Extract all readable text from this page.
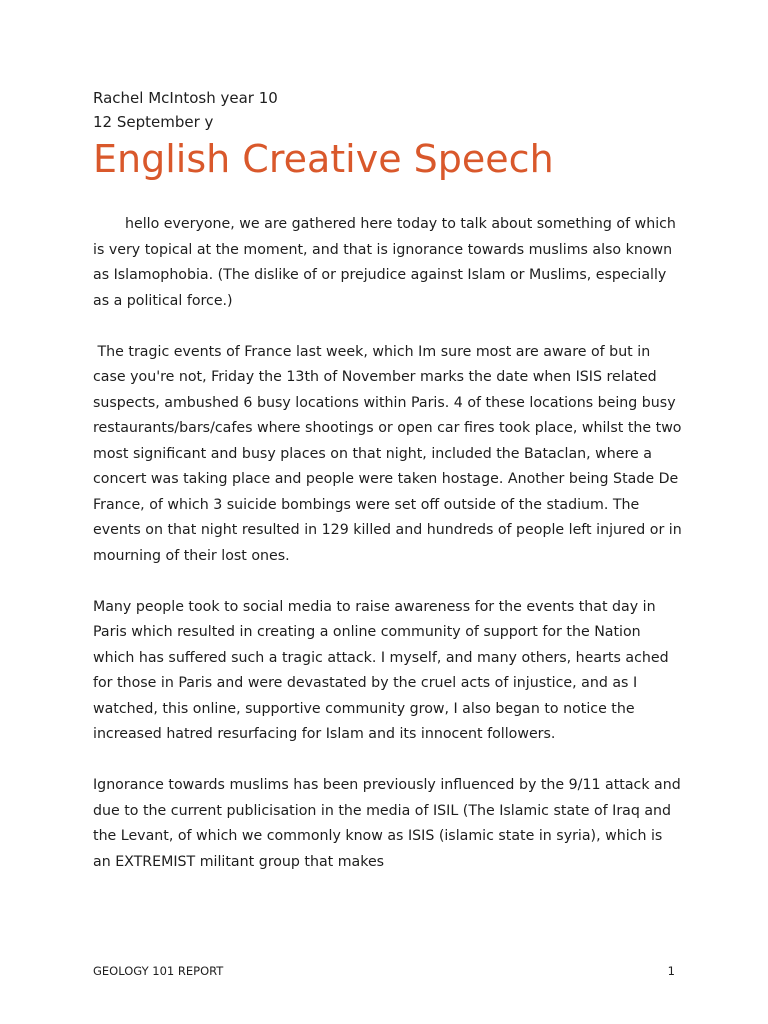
Rachel McIntosh year 10
12 September y
English Creative Speech

hello everyone, we are gathered here today to talk about something of which is very topical at the moment, and that is ignorance towards muslims also known as Islamophobia. (The dislike of or prejudice against Islam or Muslims, especially as a political force.)

The tragic events of France last week, which Im sure most are aware of but in case you're not, Friday the 13th of November marks the date when ISIS related suspects, ambushed 6 busy locations within Paris. 4 of these locations being busy restaurants/bars/cafes where shootings or open car fires took place, whilst the two most significant and busy places on that night, included the Bataclan, where a concert was taking place and people were taken hostage. Another being Stade De France, of which 3 suicide bombings were set off outside of the stadium. The events on that night resulted in 129 killed and hundreds of people left injured or in mourning of their lost ones.

Many people took to social media to raise awareness for the events that day in Paris which resulted in creating a online community of support for the Nation which has suffered such a tragic attack. I myself, and many others, hearts ached for those in Paris and were devastated by the cruel acts of injustice, and as I watched, this online, supportive community grow, I also began to notice the increased hatred resurfacing for Islam and its innocent followers.

Ignorance towards muslims has been previously influenced by the 9/11 attack and due to the current publicisation in the media of ISIL (The Islamic state of Iraq and the Levant, of which we commonly know as ISIS (islamic state in syria), which is an EXTREMIST militant group that makes

GEOLOGY 101 REPORT	1
